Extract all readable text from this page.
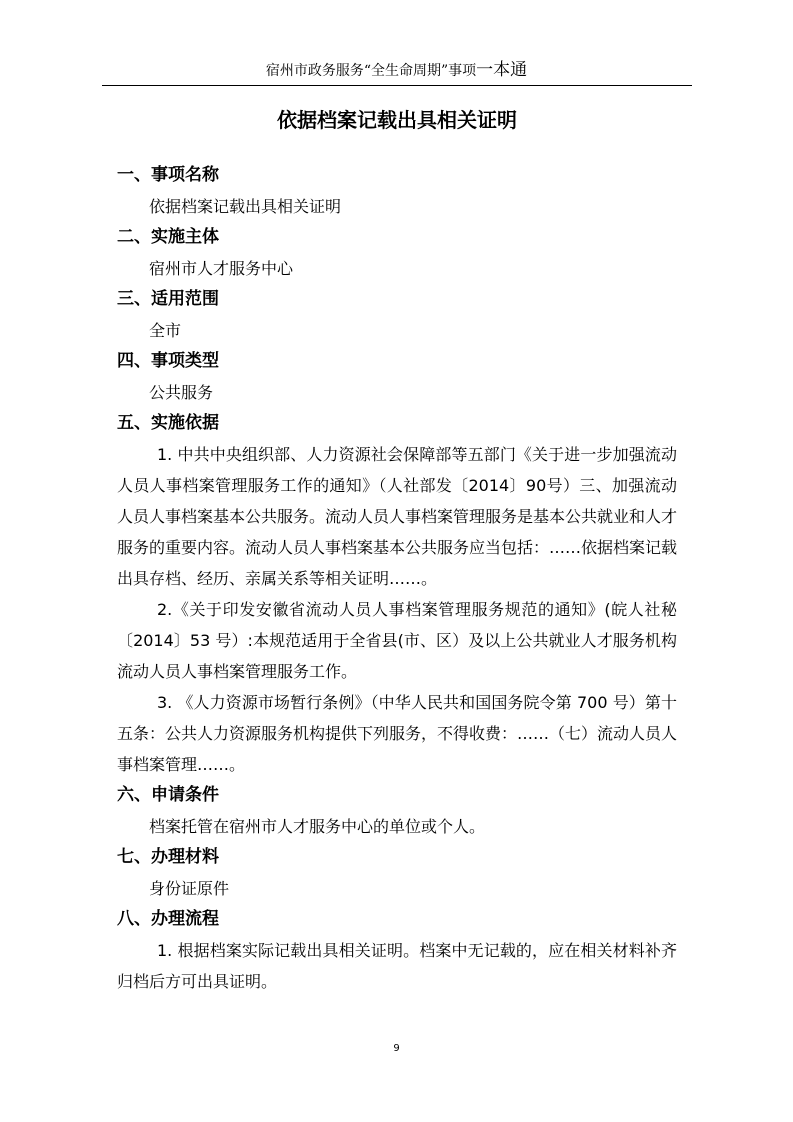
宿州市政务服务“全生命周期”事项一本通
依据档案记载出具相关证明

一、事项名称

依据档案记载出具相关证明

二、实施主体

宿州市人才服务中心

三、适用范围

全市

四、事项类型

公共服务

五、实施依据

1. 中共中央组织部、人力资源社会保障部等五部门《关于进一步加强流动人员人事档案管理服务工作的通知》（人社部发〔2014〕90号）三、加强流动人员人事档案基本公共服务。流动人员人事档案管理服务是基本公共就业和人才服务的重要内容。流动人员人事档案基本公共服务应当包括：……依据档案记载出具存档、经历、亲属关系等相关证明……。

2.《关于印发安徽省流动人员人事档案管理服务规范的通知》(皖人社秘〔2014〕53 号）:本规范适用于全省县(市、区）及以上公共就业人才服务机构流动人员人事档案管理服务工作。

3. 《人力资源市场暂行条例》（中华人民共和国国务院令第 700 号）第十五条：公共人力资源服务机构提供下列服务，不得收费：……（七）流动人员人事档案管理……。

六、申请条件

档案托管在宿州市人才服务中心的单位或个人。

七、办理材料

身份证原件

八、办理流程

1. 根据档案实际记载出具相关证明。档案中无记载的，应在相关材料补齐归档后方可出具证明。

9
